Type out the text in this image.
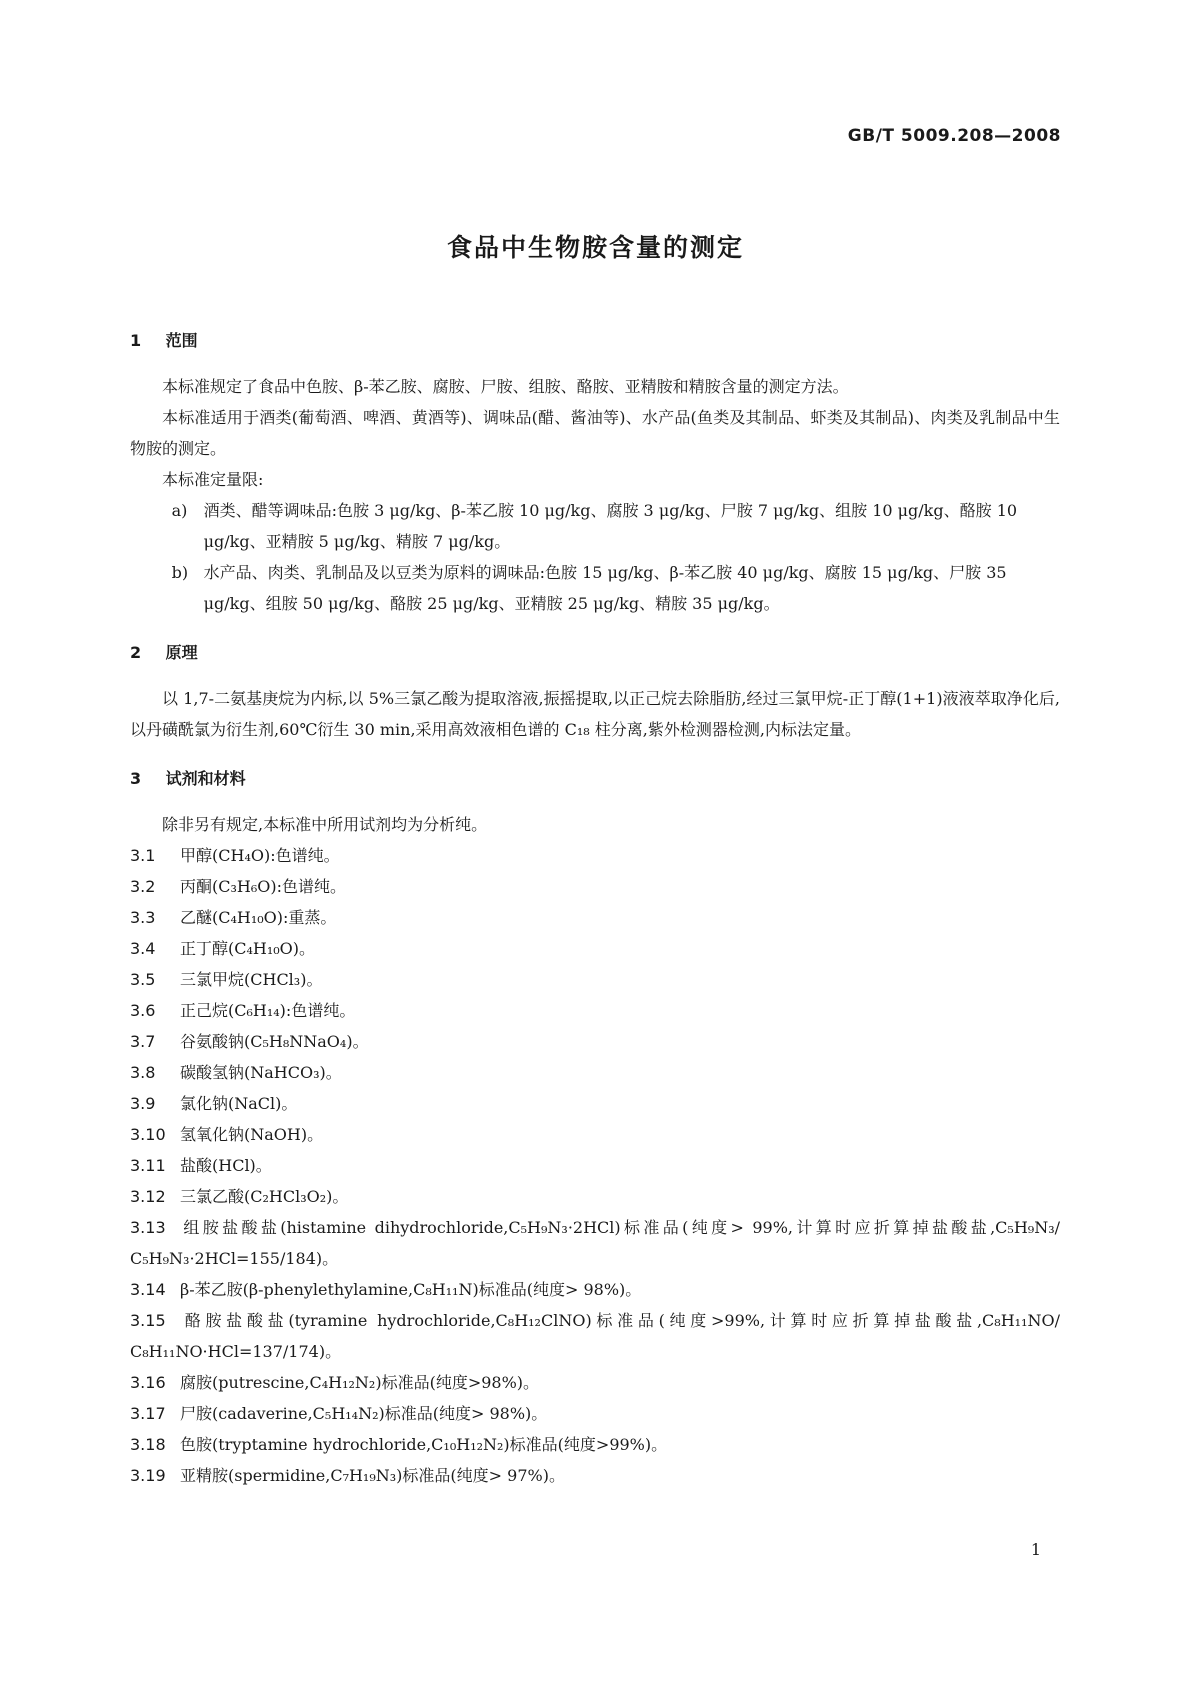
GB/T 5009.208—2008
食品中生物胺含量的测定
1 范围

本标准规定了食品中色胺、β-苯乙胺、腐胺、尸胺、组胺、酪胺、亚精胺和精胺含量的测定方法。

本标准适用于酒类(葡萄酒、啤酒、黄酒等)、调味品(醋、酱油等)、水产品(鱼类及其制品、虾类及其制品)、肉类及乳制品中生物胺的测定。

本标准定量限:

a) 酒类、醋等调味品:色胺 3 μg/kg、β-苯乙胺 10 μg/kg、腐胺 3 μg/kg、尸胺 7 μg/kg、组胺 10 μg/kg、酪胺 10 μg/kg、亚精胺 5 μg/kg、精胺 7 μg/kg。

b) 水产品、肉类、乳制品及以豆类为原料的调味品:色胺 15 μg/kg、β-苯乙胺 40 μg/kg、腐胺 15 μg/kg、尸胺 35 μg/kg、组胺 50 μg/kg、酪胺 25 μg/kg、亚精胺 25 μg/kg、精胺 35 μg/kg。

2 原理

以 1,7-二氨基庚烷为内标,以 5%三氯乙酸为提取溶液,振摇提取,以正己烷去除脂肪,经过三氯甲烷-正丁醇(1+1)液液萃取净化后,以丹磺酰氯为衍生剂,60℃衍生 30 min,采用高效液相色谱的 C₁₈ 柱分离,紫外检测器检测,内标法定量。

3 试剂和材料

除非另有规定,本标准中所用试剂均为分析纯。

3.1 甲醇(CH₄O):色谱纯。

3.2 丙酮(C₃H₆O):色谱纯。

3.3 乙醚(C₄H₁₀O):重蒸。

3.4 正丁醇(C₄H₁₀O)。

3.5 三氯甲烷(CHCl₃)。

3.6 正己烷(C₆H₁₄):色谱纯。

3.7 谷氨酸钠(C₅H₈NNaO₄)。

3.8 碳酸氢钠(NaHCO₃)。

3.9 氯化钠(NaCl)。

3.10 氢氧化钠(NaOH)。

3.11 盐酸(HCl)。

3.12 三氯乙酸(C₂HCl₃O₂)。

3.13 组胺盐酸盐(histamine dihydrochloride,C₅H₉N₃·2HCl)标准品(纯度> 99%,计算时应折算掉盐酸盐,C₅H₉N₃/ C₅H₉N₃·2HCl=155/184)。

3.14 β-苯乙胺(β-phenylethylamine,C₈H₁₁N)标准品(纯度> 98%)。

3.15 酪胺盐酸盐(tyramine hydrochloride,C₈H₁₂ClNO)标准品(纯度>99%,计算时应折算掉盐酸盐,C₈H₁₁NO/ C₈H₁₁NO·HCl=137/174)。

3.16 腐胺(putrescine,C₄H₁₂N₂)标准品(纯度>98%)。

3.17 尸胺(cadaverine,C₅H₁₄N₂)标准品(纯度> 98%)。

3.18 色胺(tryptamine hydrochloride,C₁₀H₁₂N₂)标准品(纯度>99%)。

3.19 亚精胺(spermidine,C₇H₁₉N₃)标准品(纯度> 97%)。

1
